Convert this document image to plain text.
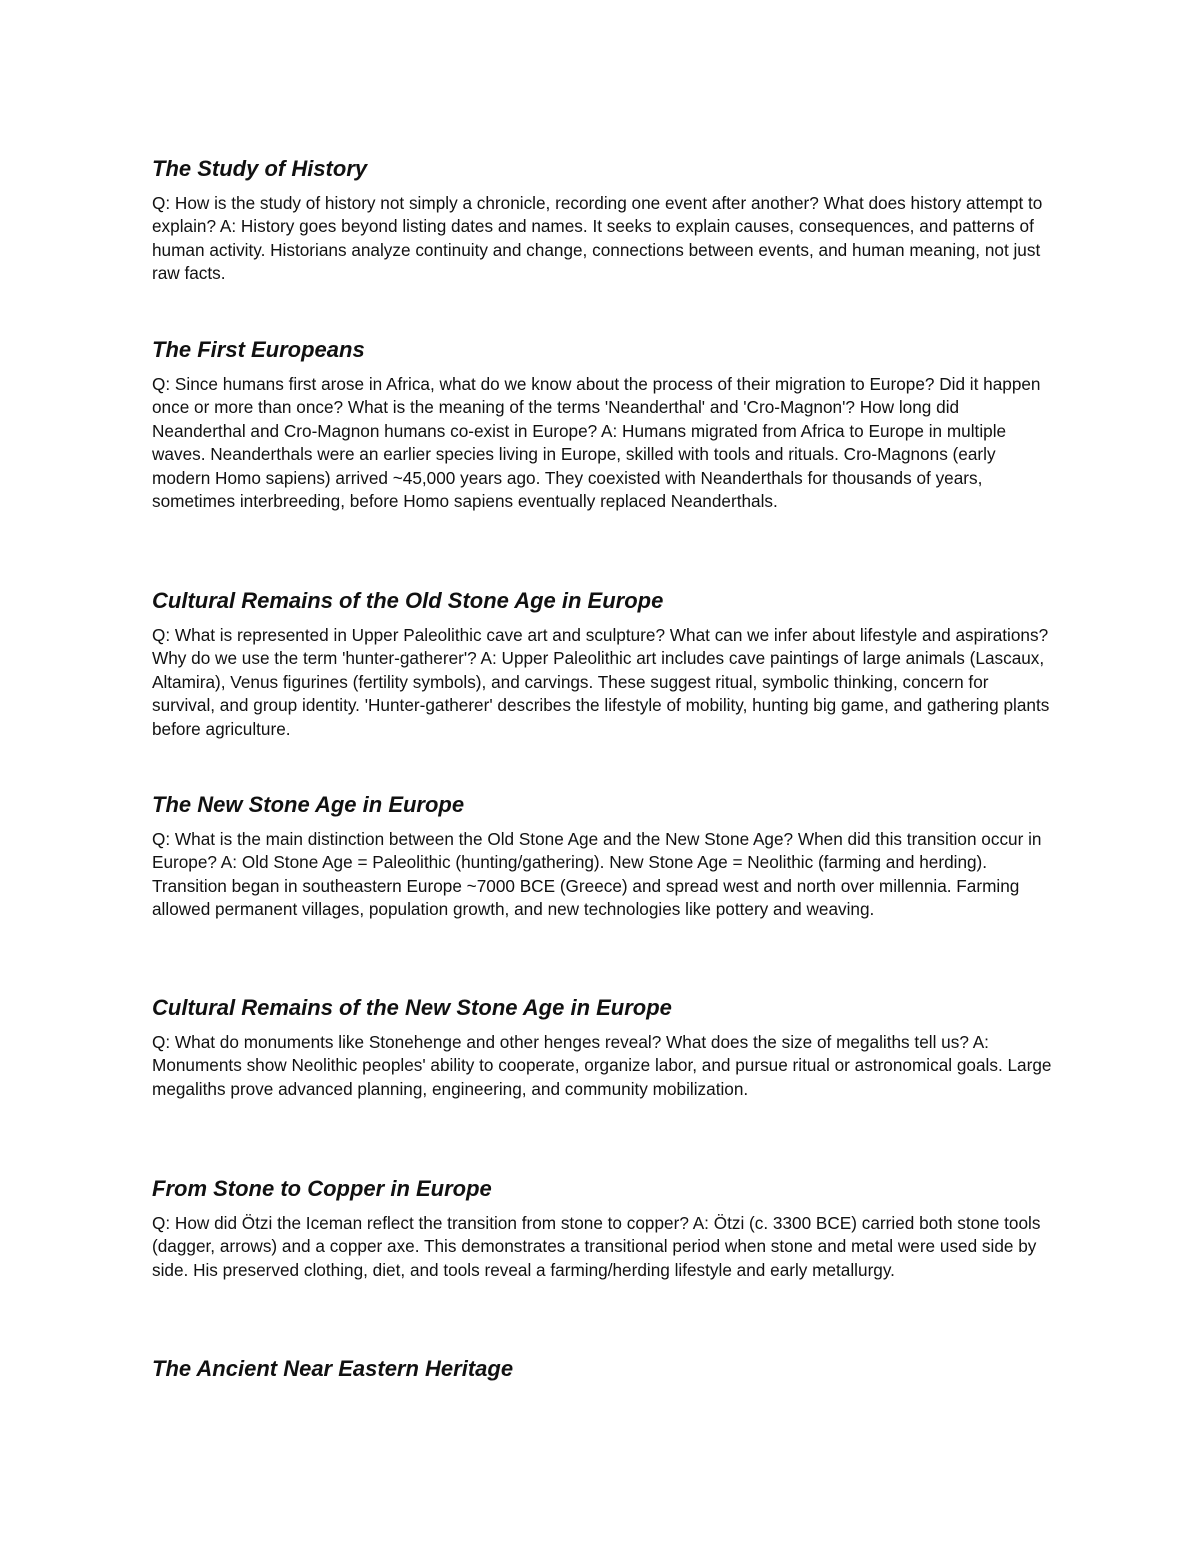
The Study of History

Q: How is the study of history not simply a chronicle, recording one event after another? What does history attempt to explain? A: History goes beyond listing dates and names. It seeks to explain causes, consequences, and patterns of human activity. Historians analyze continuity and change, connections between events, and human meaning, not just raw facts.

The First Europeans

Q: Since humans first arose in Africa, what do we know about the process of their migration to Europe? Did it happen once or more than once? What is the meaning of the terms 'Neanderthal' and 'Cro-Magnon'? How long did Neanderthal and Cro-Magnon humans co-exist in Europe? A: Humans migrated from Africa to Europe in multiple waves. Neanderthals were an earlier species living in Europe, skilled with tools and rituals. Cro-Magnons (early modern Homo sapiens) arrived ~45,000 years ago. They coexisted with Neanderthals for thousands of years, sometimes interbreeding, before Homo sapiens eventually replaced Neanderthals.

Cultural Remains of the Old Stone Age in Europe

Q: What is represented in Upper Paleolithic cave art and sculpture? What can we infer about lifestyle and aspirations? Why do we use the term 'hunter-gatherer'? A: Upper Paleolithic art includes cave paintings of large animals (Lascaux, Altamira), Venus figurines (fertility symbols), and carvings. These suggest ritual, symbolic thinking, concern for survival, and group identity. 'Hunter-gatherer' describes the lifestyle of mobility, hunting big game, and gathering plants before agriculture.

The New Stone Age in Europe

Q: What is the main distinction between the Old Stone Age and the New Stone Age? When did this transition occur in Europe? A: Old Stone Age = Paleolithic (hunting/gathering). New Stone Age = Neolithic (farming and herding). Transition began in southeastern Europe ~7000 BCE (Greece) and spread west and north over millennia. Farming allowed permanent villages, population growth, and new technologies like pottery and weaving.

Cultural Remains of the New Stone Age in Europe

Q: What do monuments like Stonehenge and other henges reveal? What does the size of megaliths tell us? A: Monuments show Neolithic peoples' ability to cooperate, organize labor, and pursue ritual or astronomical goals. Large megaliths prove advanced planning, engineering, and community mobilization.

From Stone to Copper in Europe

Q: How did Ötzi the Iceman reflect the transition from stone to copper? A: Ötzi (c. 3300 BCE) carried both stone tools (dagger, arrows) and a copper axe. This demonstrates a transitional period when stone and metal were used side by side. His preserved clothing, diet, and tools reveal a farming/herding lifestyle and early metallurgy.

The Ancient Near Eastern Heritage
